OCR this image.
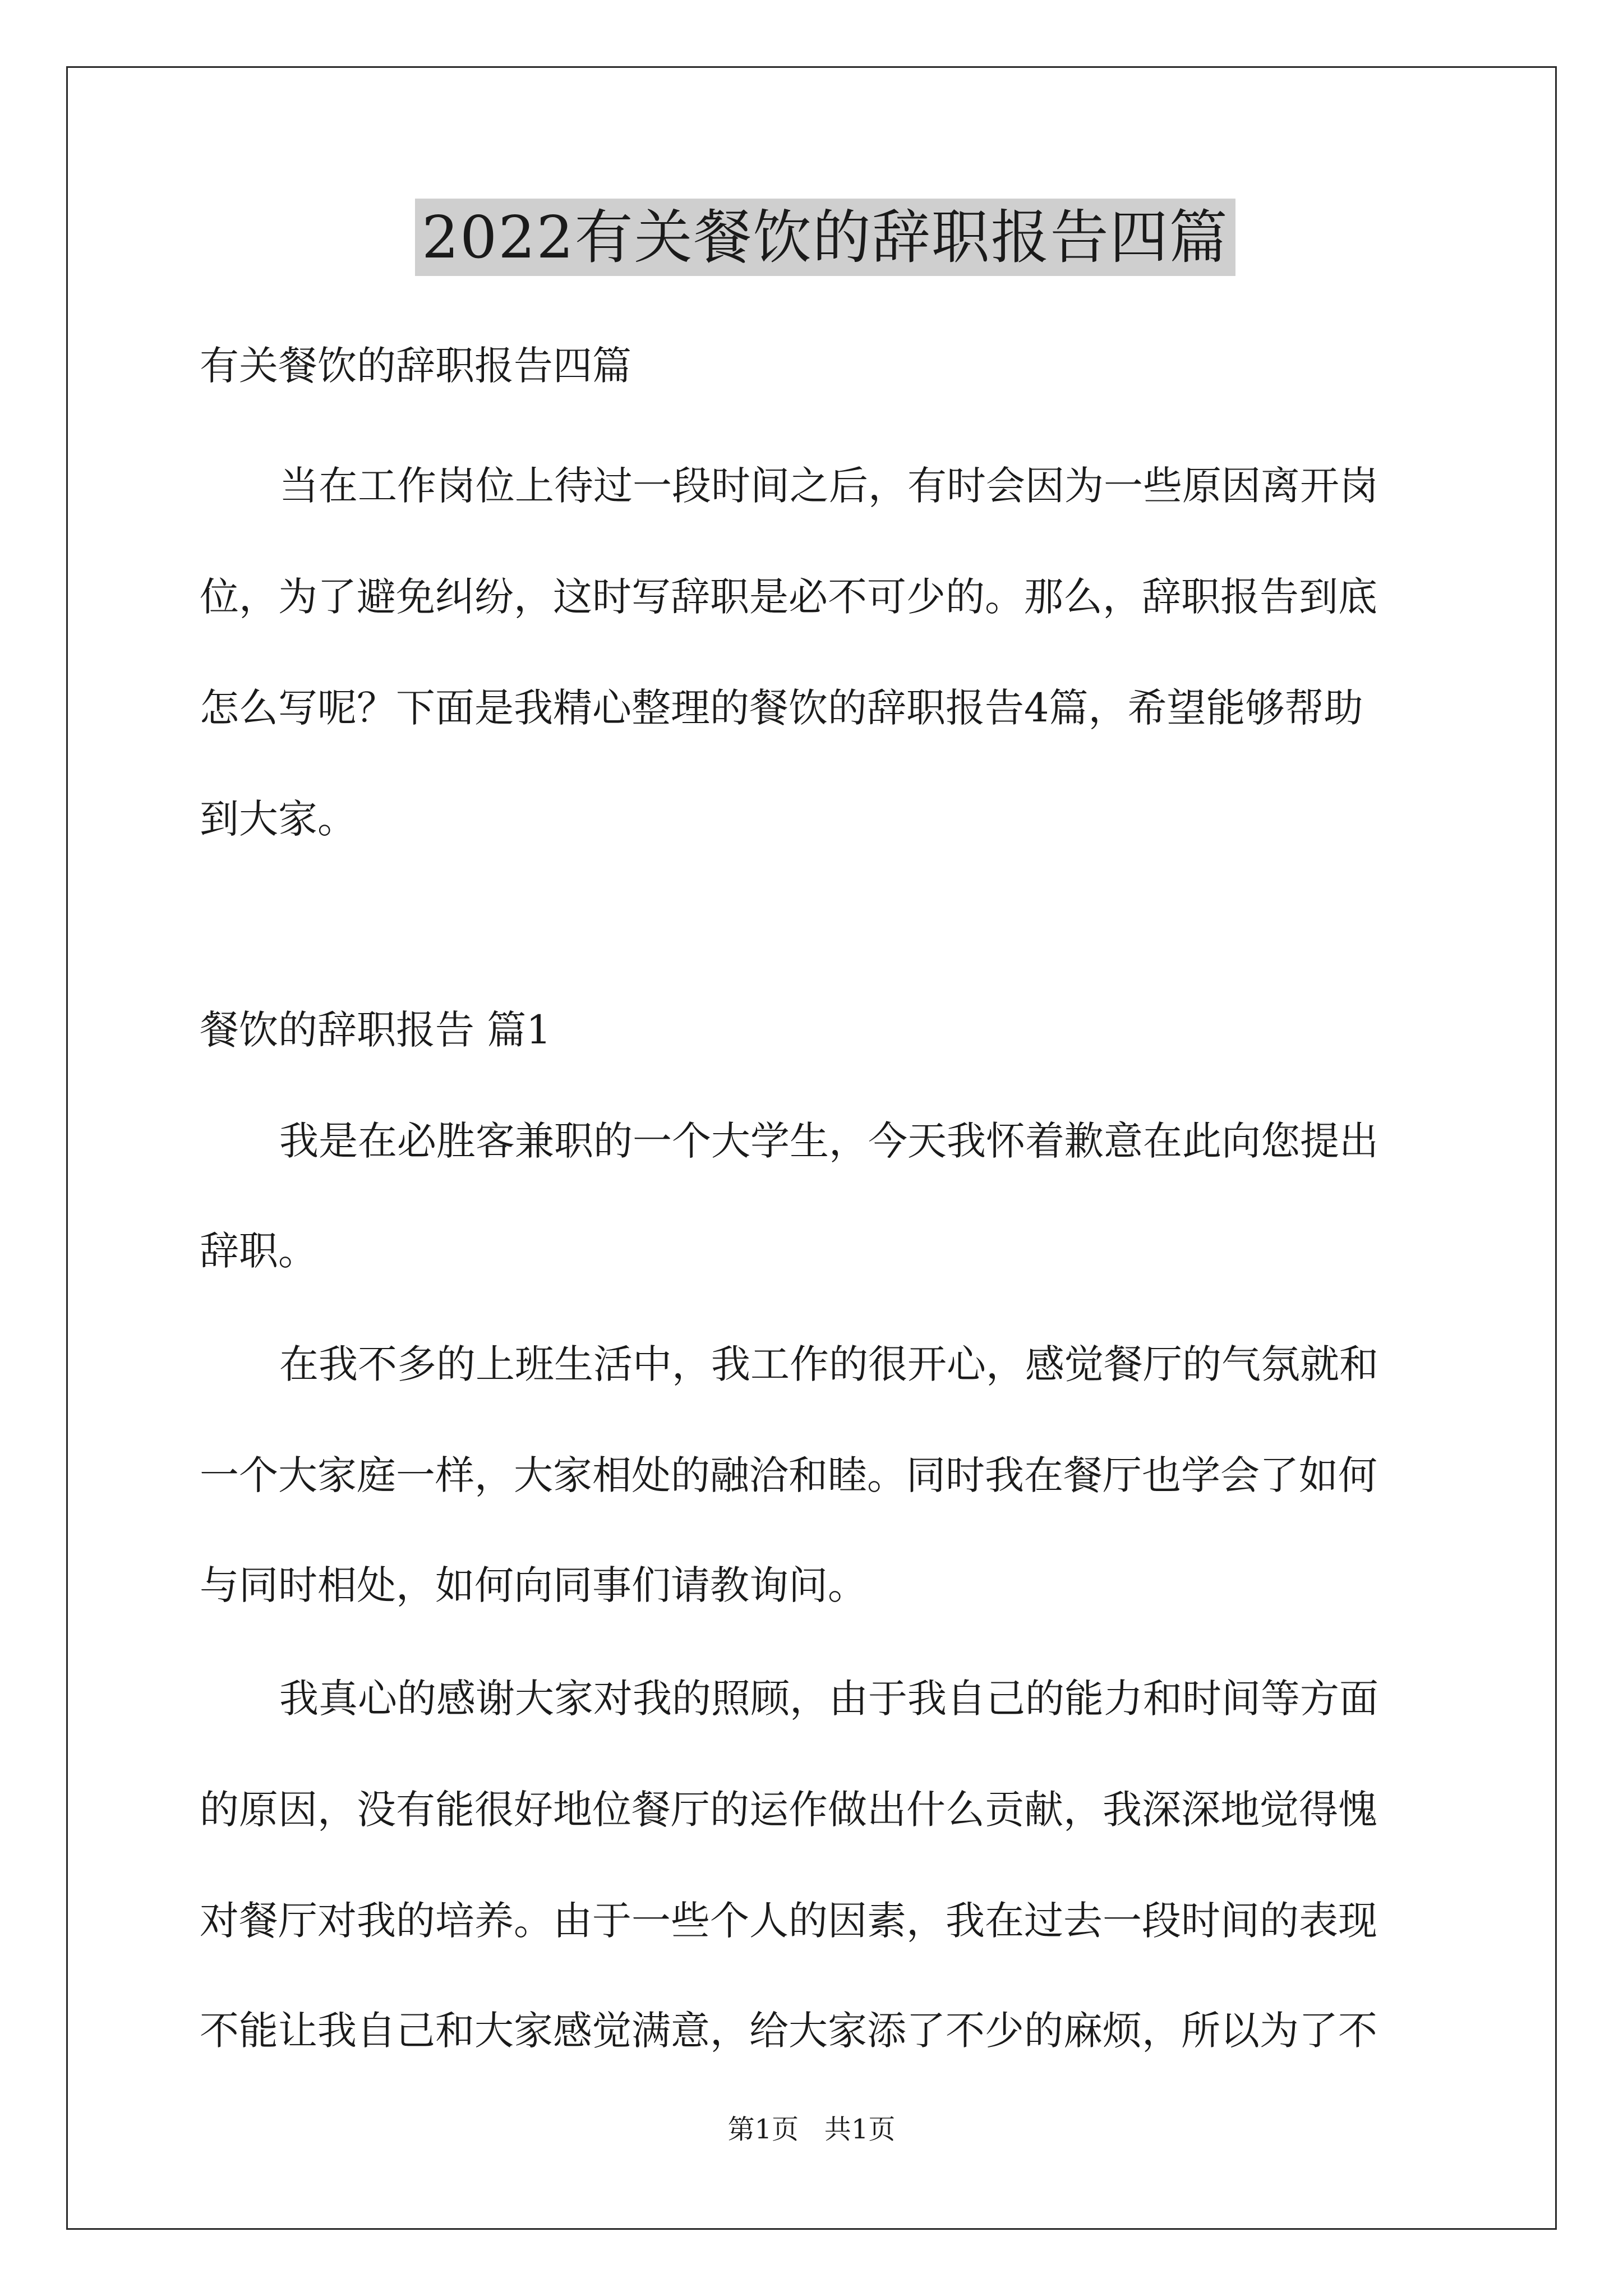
2022有关餐饮的辞职报告四篇
有关餐饮的辞职报告四篇
当在工作岗位上待过一段时间之后，有时会因为一些原因离开岗
位，为了避免纠纷，这时写辞职是必不可少的。那么，辞职报告到底
怎么写呢？下面是我精心整理的餐饮的辞职报告4篇，希望能够帮助
到大家。
餐饮的辞职报告 篇1
我是在必胜客兼职的一个大学生，今天我怀着歉意在此向您提出
辞职。
在我不多的上班生活中，我工作的很开心，感觉餐厅的气氛就和
一个大家庭一样，大家相处的融洽和睦。同时我在餐厅也学会了如何
与同时相处，如何向同事们请教询问。
我真心的感谢大家对我的照顾，由于我自己的能力和时间等方面
的原因，没有能很好地位餐厅的运作做出什么贡献，我深深地觉得愧
对餐厅对我的培养。由于一些个人的因素，我在过去一段时间的表现
不能让我自己和大家感觉满意，给大家添了不少的麻烦，所以为了不
第1页   共1页
